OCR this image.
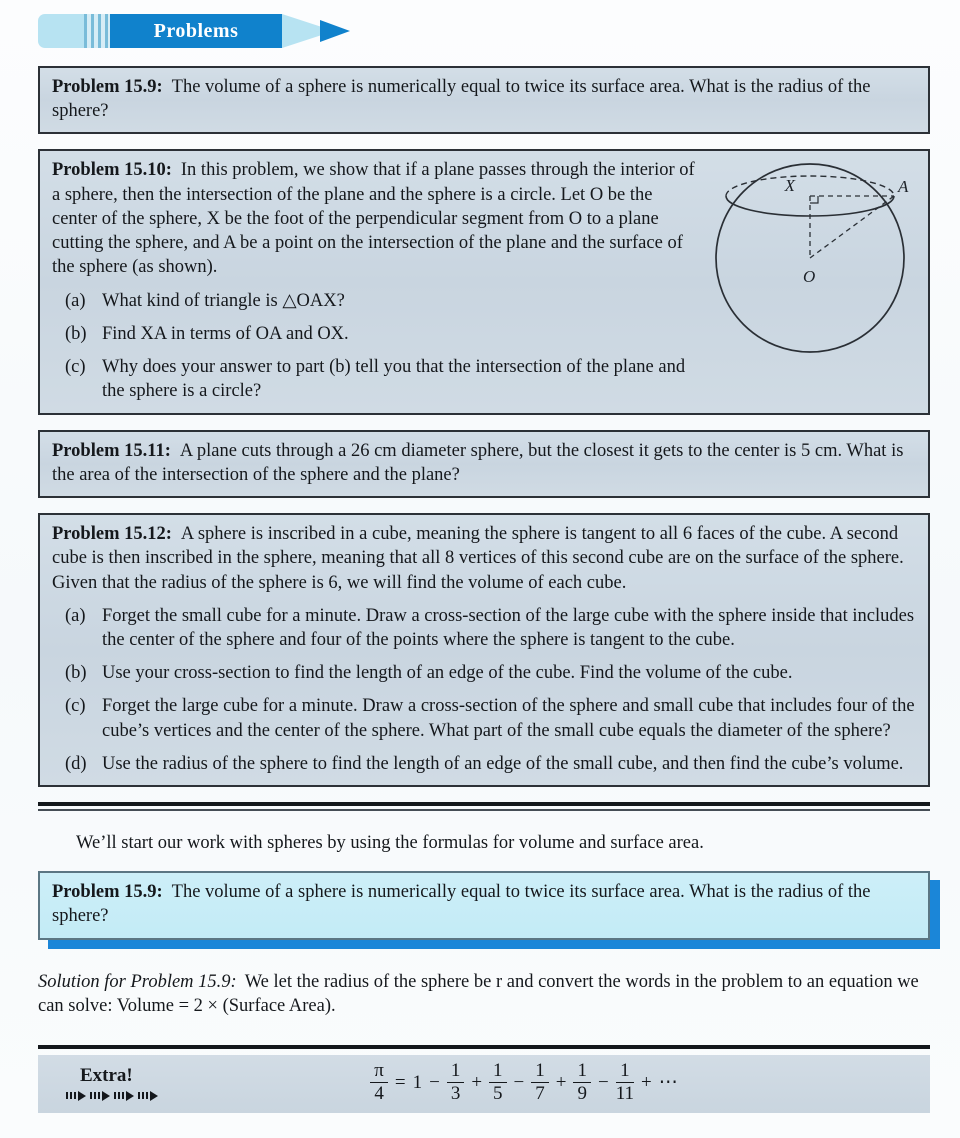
Problems
Problem 15.9: The volume of a sphere is numerically equal to twice its surface area. What is the radius of the sphere?
X	A
O
Problem 15.10: In this problem, we show that if a plane passes through the interior of a sphere, then the intersection of the plane and the sphere is a circle. Let O be the center of the sphere, X be the foot of the perpendicular segment from O to a plane cutting the sphere, and A be a point on the intersection of the plane and the surface of the sphere (as shown).
(a) What kind of triangle is △OAX?
(b) Find XA in terms of OA and OX.
(c) Why does your answer to part (b) tell you that the intersection of the plane and the sphere is a circle?
Problem 15.11: A plane cuts through a 26 cm diameter sphere, but the closest it gets to the center is 5 cm. What is the area of the intersection of the sphere and the plane?
Problem 15.12: A sphere is inscribed in a cube, meaning the sphere is tangent to all 6 faces of the cube. A second cube is then inscribed in the sphere, meaning that all 8 vertices of this second cube are on the surface of the sphere. Given that the radius of the sphere is 6, we will find the volume of each cube.
(a) Forget the small cube for a minute. Draw a cross-section of the large cube with the sphere inside that includes the center of the sphere and four of the points where the sphere is tangent to the cube.
(b) Use your cross-section to find the length of an edge of the cube. Find the volume of the cube.
(c) Forget the large cube for a minute. Draw a cross-section of the sphere and small cube that includes four of the cube’s vertices and the center of the sphere. What part of the small cube equals the diameter of the sphere?
(d) Use the radius of the sphere to find the length of an edge of the small cube, and then find the cube’s volume.

We’ll start our work with spheres by using the formulas for volume and surface area.

Problem 15.9: The volume of a sphere is numerically equal to twice its surface area. What is the radius of the sphere?

Solution for Problem 15.9: We let the radius of the sphere be r and convert the words in the problem to an equation we can solve: Volume = 2 × (Surface Area).

Extra!	$\frac{\pi}{4} = 1 - \frac{1}{3} + \frac{1}{5} - \frac{1}{7} + \frac{1}{9} - \frac{1}{11}$ + ⋯
